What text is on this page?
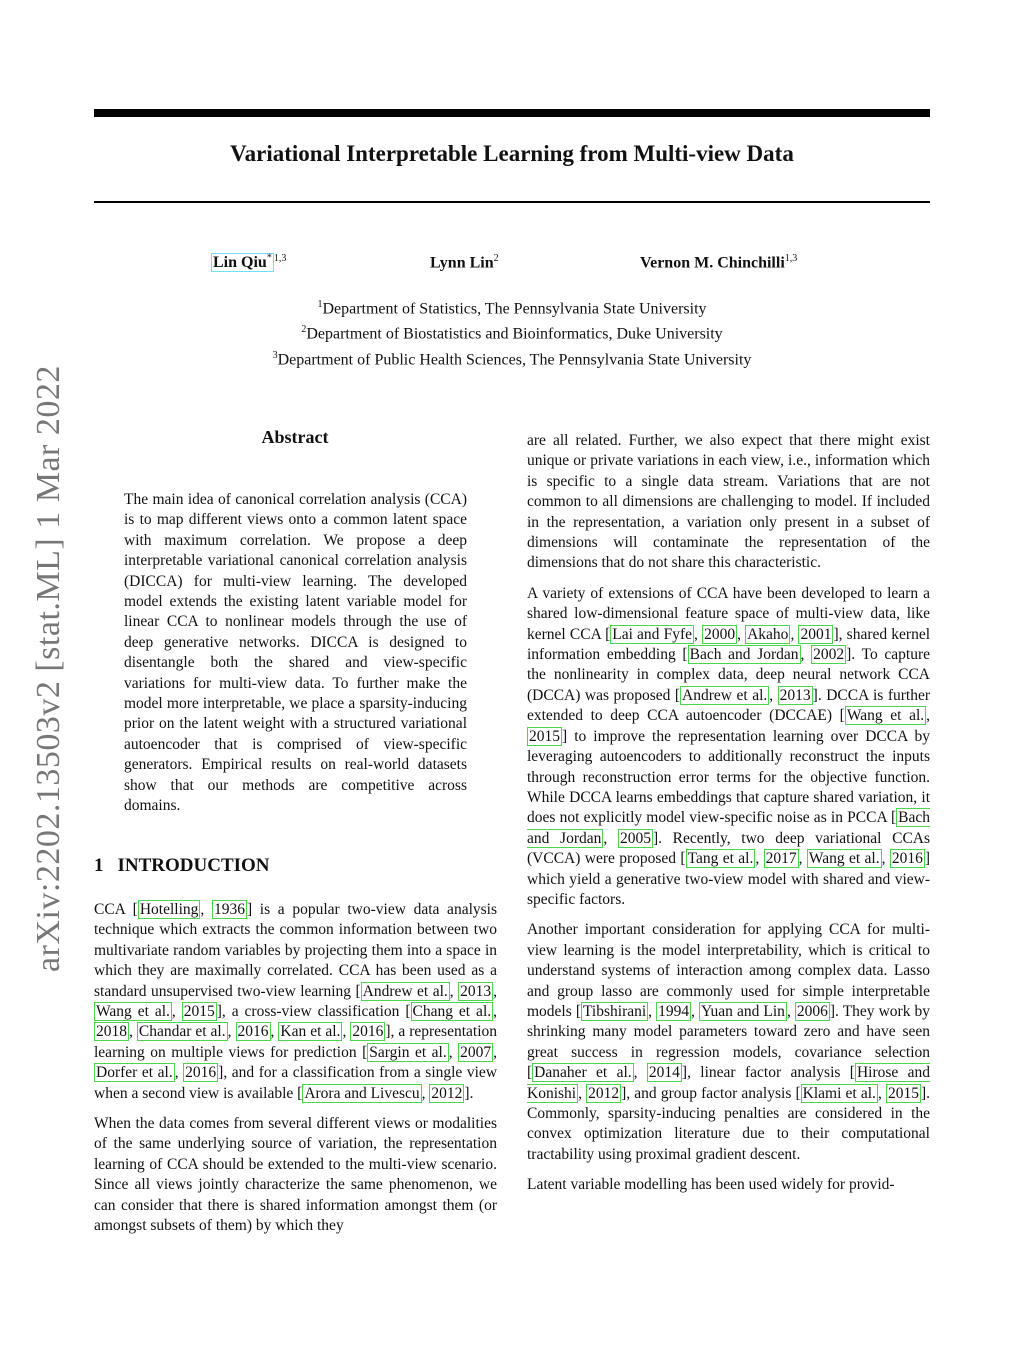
Variational Interpretable Learning from Multi-view Data
Lin Qiu* $^{1,3}$	Lynn Lin$^2$	Vernon M. Chinchilli$^{1,3}$
$^1$Department of Statistics, The Pennsylvania State University
$^2$Department of Biostatistics and Bioinformatics, Duke University
$^3$Department of Public Health Sciences, The Pennsylvania State University
arXiv:2202.13503v2 [stat.ML] 1 Mar 2022	Abstract
The main idea of canonical correlation analysis (CCA) is to map different views onto a common latent space with maximum correlation. We propose a deep interpretable variational canonical correlation analysis (DICCA) for multi-view learning. The developed model extends the existing latent variable model for linear CCA to nonlinear models through the use of deep generative networks. DICCA is designed to disentangle both the shared and view-specific variations for multi-view data. To further make the model more interpretable, we place a sparsity-inducing prior on the latent weight with a structured variational autoencoder that is comprised of view-specific generators. Empirical results on real-world datasets show that our methods are competitive across domains.
1 INTRODUCTION

CCA [ Hotelling , 1936 ] is a popular two-view data analysis technique which extracts the common information between two multivariate random variables by projecting them into a space in which they are maximally correlated. CCA has been used as a standard unsupervised two-view learning [ Andrew et al. , 2013 , Wang et al. , 2015 ], a cross-view classification [ Chang et al. , 2018 , Chandar et al. , 2016 , Kan et al. , 2016 ], a representation learning on multiple views for prediction [ Sargin et al. , 2007 , Dorfer et al. , 2016 ], and for a classification from a single view when a second view is available [ Arora and Livescu , 2012 ].

When the data comes from several different views or modalities of the same underlying source of variation, the representation learning of CCA should be extended to the multi-view scenario. Since all views jointly characterize the same phenomenon, we can consider that there is shared information amongst them (or amongst subsets of them) by which they

are all related. Further, we also expect that there might exist unique or private variations in each view, i.e., information which is specific to a single data stream. Variations that are not common to all dimensions are challenging to model. If included in the representation, a variation only present in a subset of dimensions will contaminate the representation of the dimensions that do not share this characteristic.

A variety of extensions of CCA have been developed to learn a shared low-dimensional feature space of multi-view data, like kernel CCA [ Lai and Fyfe , 2000 , Akaho , 2001 ], shared kernel information embedding [ Bach and Jordan , 2002 ]. To capture the nonlinearity in complex data, deep neural network CCA (DCCA) was proposed [ Andrew et al. , 2013 ]. DCCA is further extended to deep CCA autoencoder (DCCAE) [ Wang et al. , 2015 ] to improve the representation learning over DCCA by leveraging autoencoders to additionally reconstruct the inputs through reconstruction error terms for the objective function. While DCCA learns embeddings that capture shared variation, it does not explicitly model view-specific noise as in PCCA [ Bach and Jordan , 2005 ]. Recently, two deep variational CCAs (VCCA) were proposed [ Tang et al. , 2017 , Wang et al. , 2016 ] which yield a generative two-view model with shared and view-specific factors.

Another important consideration for applying CCA for multi-view learning is the model interpretability, which is critical to understand systems of interaction among complex data. Lasso and group lasso are commonly used for simple interpretable models [ Tibshirani , 1994 , Yuan and Lin , 2006 ]. They work by shrinking many model parameters toward zero and have seen great success in regression models, covariance selection [ Danaher et al. , 2014 ], linear factor analysis [ Hirose and Konishi , 2012 ], and group factor analysis [ Klami et al. , 2015 ]. Commonly, sparsity-inducing penalties are considered in the convex optimization literature due to their computational tractability using proximal gradient descent.

Latent variable modelling has been used widely for provid-
